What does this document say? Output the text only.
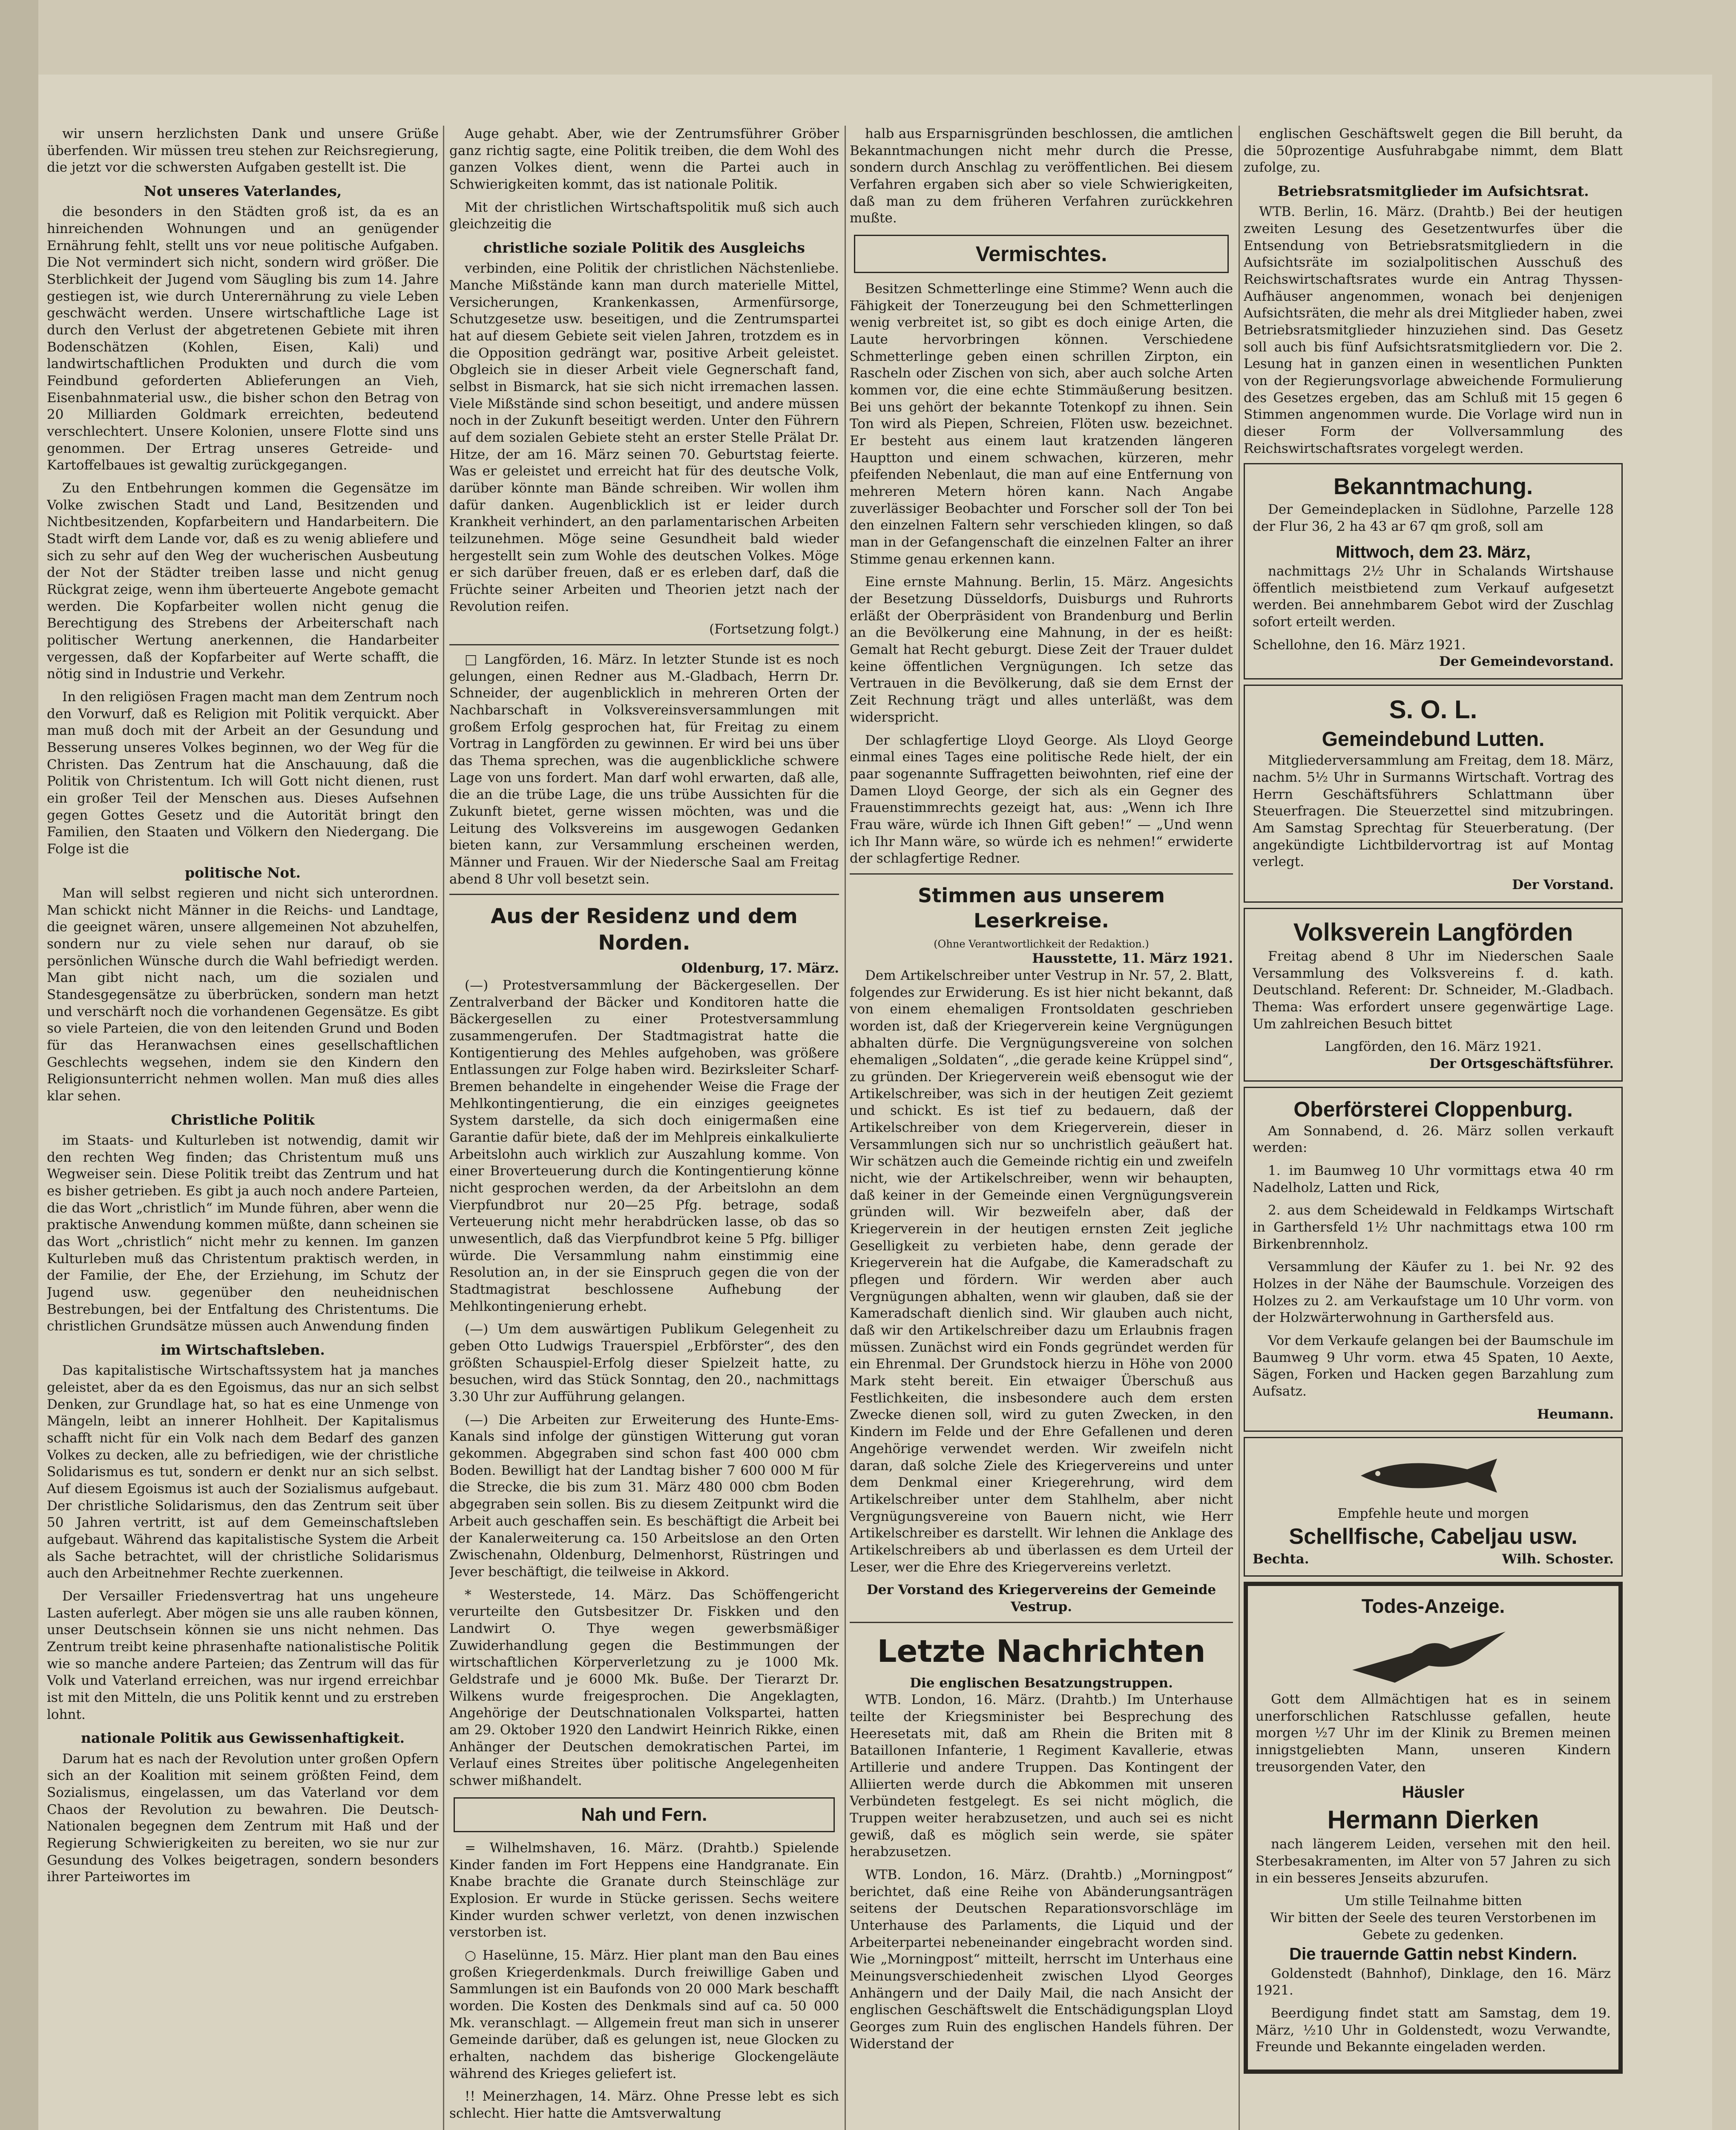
wir unsern herzlichsten Dank und unsere Grüße überfenden. Wir müssen treu stehen zur Reichsregierung, die jetzt vor die schwersten Aufgaben gestellt ist. Die

Not unseres Vaterlandes,

die besonders in den Städten groß ist, da es an hinreichenden Wohnungen und an genügender Ernährung fehlt, stellt uns vor neue politische Aufgaben. Die Not vermindert sich nicht, sondern wird größer. Die Sterblichkeit der Jugend vom Säugling bis zum 14. Jahre gestiegen ist, wie durch Unterernährung zu viele Leben geschwächt werden. Unsere wirtschaftliche Lage ist durch den Verlust der abgetretenen Gebiete mit ihren Bodenschätzen (Kohlen, Eisen, Kali) und landwirtschaftlichen Produkten und durch die vom Feindbund geforderten Ablieferungen an Vieh, Eisenbahnmaterial usw., die bisher schon den Betrag von 20 Milliarden Goldmark erreichten, bedeutend verschlechtert. Unsere Kolonien, unsere Flotte sind uns genommen. Der Ertrag unseres Getreide- und Kartoffelbaues ist gewaltig zurückgegangen.

Zu den Entbehrungen kommen die Gegensätze im Volke zwischen Stadt und Land, Besitzenden und Nichtbesitzenden, Kopfarbeitern und Handarbeitern. Die Stadt wirft dem Lande vor, daß es zu wenig abliefere und sich zu sehr auf den Weg der wucherischen Ausbeutung der Not der Städter treiben lasse und nicht genug Rückgrat zeige, wenn ihm überteuerte Angebote gemacht werden. Die Kopfarbeiter wollen nicht genug die Berechtigung des Strebens der Arbeiterschaft nach politischer Wertung anerkennen, die Handarbeiter vergessen, daß der Kopfarbeiter auf Werte schafft, die nötig sind in Industrie und Verkehr.

In den religiösen Fragen macht man dem Zentrum noch den Vorwurf, daß es Religion mit Politik verquickt. Aber man muß doch mit der Arbeit an der Gesundung und Besserung unseres Volkes beginnen, wo der Weg für die Christen. Das Zentrum hat die Anschauung, daß die Politik von Christentum. Ich will Gott nicht dienen, rust ein großer Teil der Menschen aus. Dieses Aufsehnen gegen Gottes Gesetz und die Autorität bringt den Familien, den Staaten und Völkern den Niedergang. Die Folge ist die

politische Not.

Man will selbst regieren und nicht sich unterordnen. Man schickt nicht Männer in die Reichs- und Landtage, die geeignet wären, unsere allgemeinen Not abzuhelfen, sondern nur zu viele sehen nur darauf, ob sie persönlichen Wünsche durch die Wahl befriedigt werden. Man gibt nicht nach, um die sozialen und Standesgegensätze zu überbrücken, sondern man hetzt und verschärft noch die vorhandenen Gegensätze. Es gibt so viele Parteien, die von den leitenden Grund und Boden für das Heranwachsen eines gesellschaftlichen Geschlechts wegsehen, indem sie den Kindern den Religionsunterricht nehmen wollen. Man muß dies alles klar sehen.

Christliche Politik

im Staats- und Kulturleben ist notwendig, damit wir den rechten Weg finden; das Christentum muß uns Wegweiser sein. Diese Politik treibt das Zentrum und hat es bisher getrieben. Es gibt ja auch noch andere Parteien, die das Wort „christlich“ im Munde führen, aber wenn die praktische Anwendung kommen müßte, dann scheinen sie das Wort „christlich“ nicht mehr zu kennen. Im ganzen Kulturleben muß das Christentum praktisch werden, in der Familie, der Ehe, der Erziehung, im Schutz der Jugend usw. gegenüber den neuheidnischen Bestrebungen, bei der Entfaltung des Christentums. Die christlichen Grundsätze müssen auch Anwendung finden

im Wirtschaftsleben.

Das kapitalistische Wirtschaftssystem hat ja manches geleistet, aber da es den Egoismus, das nur an sich selbst Denken, zur Grundlage hat, so hat es eine Unmenge von Mängeln, leibt an innerer Hohlheit. Der Kapitalismus schafft nicht für ein Volk nach dem Bedarf des ganzen Volkes zu decken, alle zu befriedigen, wie der christliche Solidarismus es tut, sondern er denkt nur an sich selbst. Auf diesem Egoismus ist auch der Sozialismus aufgebaut. Der christliche Solidarismus, den das Zentrum seit über 50 Jahren vertritt, ist auf dem Gemeinschaftsleben aufgebaut. Während das kapitalistische System die Arbeit als Sache betrachtet, will der christliche Solidarismus auch den Arbeitnehmer Rechte zuerkennen.

Der Versailler Friedensvertrag hat uns ungeheure Lasten auferlegt. Aber mögen sie uns alle rauben können, unser Deutschsein können sie uns nicht nehmen. Das Zentrum treibt keine phrasenhafte nationalistische Politik wie so manche andere Parteien; das Zentrum will das für Volk und Vaterland erreichen, was nur irgend erreichbar ist mit den Mitteln, die uns Politik kennt und zu erstreben lohnt.

nationale Politik aus Gewissenhaftigkeit.

Darum hat es nach der Revolution unter großen Opfern sich an der Koalition mit seinem größten Feind, dem Sozialismus, eingelassen, um das Vaterland vor dem Chaos der Revolution zu bewahren. Die Deutsch-Nationalen begegnen dem Zentrum mit Haß und der Regierung Schwierigkeiten zu bereiten, wo sie nur zur Gesundung des Volkes beigetragen, sondern besonders ihrer Parteiwortes im

Auge gehabt. Aber, wie der Zentrumsführer Gröber ganz richtig sagte, eine Politik treiben, die dem Wohl des ganzen Volkes dient, wenn die Partei auch in Schwierigkeiten kommt, das ist nationale Politik.

Mit der christlichen Wirtschaftspolitik muß sich auch gleichzeitig die

christliche soziale Politik des Ausgleichs

verbinden, eine Politik der christlichen Nächstenliebe. Manche Mißstände kann man durch materielle Mittel, Versicherungen, Krankenkassen, Armenfürsorge, Schutzgesetze usw. beseitigen, und die Zentrumspartei hat auf diesem Gebiete seit vielen Jahren, trotzdem es in die Opposition gedrängt war, positive Arbeit geleistet. Obgleich sie in dieser Arbeit viele Gegnerschaft fand, selbst in Bismarck, hat sie sich nicht irremachen lassen. Viele Mißstände sind schon beseitigt, und andere müssen noch in der Zukunft beseitigt werden. Unter den Führern auf dem sozialen Gebiete steht an erster Stelle Prälat Dr. Hitze, der am 16. März seinen 70. Geburtstag feierte. Was er geleistet und erreicht hat für des deutsche Volk, darüber könnte man Bände schreiben. Wir wollen ihm dafür danken. Augenblicklich ist er leider durch Krankheit verhindert, an den parlamentarischen Arbeiten teilzunehmen. Möge seine Gesundheit bald wieder hergestellt sein zum Wohle des deutschen Volkes. Möge er sich darüber freuen, daß er es erleben darf, daß die Früchte seiner Arbeiten und Theorien jetzt nach der Revolution reifen.

(Fortsetzung folgt.)

□ Langförden, 16. März. In letzter Stunde ist es noch gelungen, einen Redner aus M.-Gladbach, Herrn Dr. Schneider, der augenblicklich in mehreren Orten der Nachbarschaft in Volksvereinsversammlungen mit großem Erfolg gesprochen hat, für Freitag zu einem Vortrag in Langförden zu gewinnen. Er wird bei uns über das Thema sprechen, was die augenblickliche schwere Lage von uns fordert. Man darf wohl erwarten, daß alle, die an die trübe Lage, die uns trübe Aussichten für die Zukunft bietet, gerne wissen möchten, was und die Leitung des Volksvereins im ausgewogen Gedanken bieten kann, zur Versammlung erscheinen werden, Männer und Frauen. Wir der Niedersche Saal am Freitag abend 8 Uhr voll besetzt sein.

Aus der Residenz und dem Norden.
Oldenburg, 17. März.

(—) Protestversammlung der Bäckergesellen. Der Zentralverband der Bäcker und Konditoren hatte die Bäckergesellen zu einer Protestversammlung zusammengerufen. Der Stadtmagistrat hatte die Kontigentierung des Mehles aufgehoben, was größere Entlassungen zur Folge haben wird. Bezirksleiter Scharf-Bremen behandelte in eingehender Weise die Frage der Mehlkontingentierung, die ein einziges geeignetes System darstelle, da sich doch einigermaßen eine Garantie dafür biete, daß der im Mehlpreis einkalkulierte Arbeitslohn auch wirklich zur Auszahlung komme. Von einer Broverteuerung durch die Kontingentierung könne nicht gesprochen werden, da der Arbeitslohn an dem Vierpfundbrot nur 20—25 Pfg. betrage, sodaß Verteuerung nicht mehr herabdrücken lasse, ob das so unwesentlich, daß das Vierpfundbrot keine 5 Pfg. billiger würde. Die Versammlung nahm einstimmig eine Resolution an, in der sie Einspruch gegen die von der Stadtmagistrat beschlossene Aufhebung der Mehlkontingenierung erhebt.

(—) Um dem auswärtigen Publikum Gelegenheit zu geben Otto Ludwigs Trauerspiel „Erbförster“, des den größten Schauspiel-Erfolg dieser Spielzeit hatte, zu besuchen, wird das Stück Sonntag, den 20., nachmittags 3.30 Uhr zur Aufführung gelangen.

(—) Die Arbeiten zur Erweiterung des Hunte-Ems-Kanals sind infolge der günstigen Witterung gut voran gekommen. Abgegraben sind schon fast 400 000 cbm Boden. Bewilligt hat der Landtag bisher 7 600 000 M für die Strecke, die bis zum 31. März 480 000 cbm Boden abgegraben sein sollen. Bis zu diesem Zeitpunkt wird die Arbeit auch geschaffen sein. Es beschäftigt die Arbeit bei der Kanalerweiterung ca. 150 Arbeitslose an den Orten Zwischenahn, Oldenburg, Delmenhorst, Rüstringen und Jever beschäftigt, die teilweise in Akkord.

* Westerstede, 14. März. Das Schöffengericht verurteilte den Gutsbesitzer Dr. Fiskken und den Landwirt O. Thye wegen gewerbsmäßiger Zuwiderhandlung gegen die Bestimmungen der wirtschaftlichen Körperverletzung zu je 1000 Mk. Geldstrafe und je 6000 Mk. Buße. Der Tierarzt Dr. Wilkens wurde freigesprochen. Die Angeklagten, Angehörige der Deutschnationalen Volkspartei, hatten am 29. Oktober 1920 den Landwirt Heinrich Rikke, einen Anhänger der Deutschen demokratischen Partei, im Verlauf eines Streites über politische Angelegenheiten schwer mißhandelt.

Nah und Fern.

= Wilhelmshaven, 16. März. (Drahtb.) Spielende Kinder fanden im Fort Heppens eine Handgranate. Ein Knabe brachte die Granate durch Steinschläge zur Explosion. Er wurde in Stücke gerissen. Sechs weitere Kinder wurden schwer verletzt, von denen inzwischen verstorben ist.

○ Haselünne, 15. März. Hier plant man den Bau eines großen Kriegerdenkmals. Durch freiwillige Gaben und Sammlungen ist ein Baufonds von 20 000 Mark beschafft worden. Die Kosten des Denkmals sind auf ca. 50 000 Mk. veranschlagt. — Allgemein freut man sich in unserer Gemeinde darüber, daß es gelungen ist, neue Glocken zu erhalten, nachdem das bisherige Glockengeläute während des Krieges geliefert ist.

!! Meinerzhagen, 14. März. Ohne Presse lebt es sich schlecht. Hier hatte die Amtsverwaltung

halb aus Ersparnisgründen beschlossen, die amtlichen Bekanntmachungen nicht mehr durch die Presse, sondern durch Anschlag zu veröffentlichen. Bei diesem Verfahren ergaben sich aber so viele Schwierigkeiten, daß man zu dem früheren Verfahren zurückkehren mußte.

Vermischtes.

Besitzen Schmetterlinge eine Stimme? Wenn auch die Fähigkeit der Tonerzeugung bei den Schmetterlingen wenig verbreitet ist, so gibt es doch einige Arten, die Laute hervorbringen können. Verschiedene Schmetterlinge geben einen schrillen Zirpton, ein Rascheln oder Zischen von sich, aber auch solche Arten kommen vor, die eine echte Stimmäußerung besitzen. Bei uns gehört der bekannte Totenkopf zu ihnen. Sein Ton wird als Piepen, Schreien, Flöten usw. bezeichnet. Er besteht aus einem laut kratzenden längeren Hauptton und einem schwachen, kürzeren, mehr pfeifenden Nebenlaut, die man auf eine Entfernung von mehreren Metern hören kann. Nach Angabe zuverlässiger Beobachter und Forscher soll der Ton bei den einzelnen Faltern sehr verschieden klingen, so daß man in der Gefangenschaft die einzelnen Falter an ihrer Stimme genau erkennen kann.

Eine ernste Mahnung. Berlin, 15. März. Angesichts der Besetzung Düsseldorfs, Duisburgs und Ruhrorts erläßt der Oberpräsident von Brandenburg und Berlin an die Bevölkerung eine Mahnung, in der es heißt: Gemalt hat Recht geburgt. Diese Zeit der Trauer duldet keine öffentlichen Vergnügungen. Ich setze das Vertrauen in die Bevölkerung, daß sie dem Ernst der Zeit Rechnung trägt und alles unterläßt, was dem widerspricht.

Der schlagfertige Lloyd George. Als Lloyd George einmal eines Tages eine politische Rede hielt, der ein paar sogenannte Suffragetten beiwohnten, rief eine der Damen Lloyd George, der sich als ein Gegner des Frauenstimmrechts gezeigt hat, aus: „Wenn ich Ihre Frau wäre, würde ich Ihnen Gift geben!“ — „Und wenn ich Ihr Mann wäre, so würde ich es nehmen!“ erwiderte der schlagfertige Redner.

Stimmen aus unserem Leserkreise.
(Ohne Verantwortlichkeit der Redaktion.)
Hausstette, 11. März 1921.

Dem Artikelschreiber unter Vestrup in Nr. 57, 2. Blatt, folgendes zur Erwiderung. Es ist hier nicht bekannt, daß von einem ehemaligen Frontsoldaten geschrieben worden ist, daß der Kriegerverein keine Vergnügungen abhalten dürfe. Die Vergnügungsvereine von solchen ehemaligen „Soldaten“, „die gerade keine Krüppel sind“, zu gründen. Der Kriegerverein weiß ebensogut wie der Artikelschreiber, was sich in der heutigen Zeit geziemt und schickt. Es ist tief zu bedauern, daß der Artikelschreiber von dem Kriegerverein, dieser in Versammlungen sich nur so unchristlich geäußert hat. Wir schätzen auch die Gemeinde richtig ein und zweifeln nicht, wie der Artikelschreiber, wenn wir behaupten, daß keiner in der Gemeinde einen Vergnügungsverein gründen will. Wir bezweifeln aber, daß der Kriegerverein in der heutigen ernsten Zeit jegliche Geselligkeit zu verbieten habe, denn gerade der Kriegerverein hat die Aufgabe, die Kameradschaft zu pflegen und fördern. Wir werden aber auch Vergnügungen abhalten, wenn wir glauben, daß sie der Kameradschaft dienlich sind. Wir glauben auch nicht, daß wir den Artikelschreiber dazu um Erlaubnis fragen müssen. Zunächst wird ein Fonds gegründet werden für ein Ehrenmal. Der Grundstock hierzu in Höhe von 2000 Mark steht bereit. Ein etwaiger Überschuß aus Festlichkeiten, die insbesondere auch dem ersten Zwecke dienen soll, wird zu guten Zwecken, in den Kindern im Felde und der Ehre Gefallenen und deren Angehörige verwendet werden. Wir zweifeln nicht daran, daß solche Ziele des Kriegervereins und unter dem Denkmal einer Kriegerehrung, wird dem Artikelschreiber unter dem Stahlhelm, aber nicht Vergnügungsvereine von Bauern nicht, wie Herr Artikelschreiber es darstellt. Wir lehnen die Anklage des Artikelschreibers ab und überlassen es dem Urteil der Leser, wer die Ehre des Kriegervereins verletzt.

Der Vorstand des Kriegervereins der Gemeinde Vestrup.
Letzte Nachrichten
Die englischen Besatzungstruppen.

WTB. London, 16. März. (Drahtb.) Im Unterhause teilte der Kriegsminister bei Besprechung des Heeresetats mit, daß am Rhein die Briten mit 8 Bataillonen Infanterie, 1 Regiment Kavallerie, etwas Artillerie und andere Truppen. Das Kontingent der Alliierten werde durch die Abkommen mit unseren Verbündeten festgelegt. Es sei nicht möglich, die Truppen weiter herabzusetzen, und auch sei es nicht gewiß, daß es möglich sein werde, sie später herabzusetzen.

WTB. London, 16. März. (Drahtb.) „Morningpost“ berichtet, daß eine Reihe von Abänderungsanträgen seitens der Deutschen Reparationsvorschläge im Unterhause des Parlaments, die Liquid und der Arbeiterpartei nebeneinander eingebracht worden sind. Wie „Morningpost“ mitteilt, herrscht im Unterhaus eine Meinungsverschiedenheit zwischen Llyod Georges Anhängern und der Daily Mail, die nach Ansicht der englischen Geschäftswelt die Entschädigungsplan Lloyd Georges zum Ruin des englischen Handels führen. Der Widerstand der

englischen Geschäftswelt gegen die Bill beruht, da die 50prozentige Ausfuhrabgabe nimmt, dem Blatt zufolge, zu.

Betriebsratsmitglieder im Aufsichtsrat.

WTB. Berlin, 16. März. (Drahtb.) Bei der heutigen zweiten Lesung des Gesetzentwurfes über die Entsendung von Betriebsratsmitgliedern in die Aufsichtsräte im sozialpolitischen Ausschuß des Reichswirtschaftsrates wurde ein Antrag Thyssen-Aufhäuser angenommen, wonach bei denjenigen Aufsichtsräten, die mehr als drei Mitglieder haben, zwei Betriebsratsmitglieder hinzuziehen sind. Das Gesetz soll auch bis fünf Aufsichtsratsmitgliedern vor. Die 2. Lesung hat in ganzen einen in wesentlichen Punkten von der Regierungsvorlage abweichende Formulierung des Gesetzes ergeben, das am Schluß mit 15 gegen 6 Stimmen angenommen wurde. Die Vorlage wird nun in dieser Form der Vollversammlung des Reichswirtschaftsrates vorgelegt werden.

Bekanntmachung.

Der Gemeindeplacken in Südlohne, Parzelle 128 der Flur 36, 2 ha 43 ar 67 qm groß, soll am

Mittwoch, dem 23. März,

nachmittags 2½ Uhr in Schalands Wirtshause öffentlich meistbietend zum Verkauf aufgesetzt werden. Bei annehmbarem Gebot wird der Zuschlag sofort erteilt werden.

Schellohne, den 16. März 1921.
Der Gemeindevorstand.
S. O. L.
Gemeindebund Lutten.

Mitgliederversammlung am Freitag, dem 18. März, nachm. 5½ Uhr in Surmanns Wirtschaft. Vortrag des Herrn Geschäftsführers Schlattmann über Steuerfragen. Die Steuerzettel sind mitzubringen. Am Samstag Sprechtag für Steuerberatung. (Der angekündigte Lichtbildervortrag ist auf Montag verlegt.

Der Vorstand.
Volksverein Langförden

Freitag abend 8 Uhr im Niederschen Saale Versammlung des Volksvereins f. d. kath. Deutschland. Referent: Dr. Schneider, M.-Gladbach. Thema: Was erfordert unsere gegenwärtige Lage. Um zahlreichen Besuch bittet

Langförden, den 16. März 1921.
Der Ortsgeschäftsführer.
Oberförsterei Cloppenburg.

Am Sonnabend, d. 26. März sollen verkauft werden:

1. im Baumweg 10 Uhr vormittags etwa 40 rm Nadelholz, Latten und Rick,

2. aus dem Scheidewald in Feldkamps Wirtschaft in Garthersfeld 1½ Uhr nachmittags etwa 100 rm Birkenbrennholz.

Versammlung der Käufer zu 1. bei Nr. 92 des Holzes in der Nähe der Baumschule. Vorzeigen des Holzes zu 2. am Verkaufstage um 10 Uhr vorm. von der Holzwärterwohnung in Garthersfeld aus.

Vor dem Verkaufe gelangen bei der Baumschule im Baumweg 9 Uhr vorm. etwa 45 Spaten, 10 Aexte, Sägen, Forken und Hacken gegen Barzahlung zum Aufsatz.

Heumann.
Empfehle heute und morgen
Schellfische, Cabeljau usw.
Bechta.	Wilh. Schoster.
Todes-Anzeige.

Gott dem Allmächtigen hat es in seinem unerforschlichen Ratschlusse gefallen, heute morgen ½7 Uhr im der Klinik zu Bremen meinen innigstgeliebten Mann, unseren Kindern treusorgenden Vater, den

Häusler
Hermann Dierken

nach längerem Leiden, versehen mit den heil. Sterbesakramenten, im Alter von 57 Jahren zu sich in ein besseres Jenseits abzurufen.

Um stille Teilnahme bitten
Wir bitten der Seele des teuren Verstorbenen im Gebete zu gedenken.
Die trauernde Gattin nebst Kindern.

Goldenstedt (Bahnhof), Dinklage, den 16. März 1921.

Beerdigung findet statt am Samstag, dem 19. März, ½10 Uhr in Goldenstedt, wozu Verwandte, Freunde und Bekannte eingeladen werden.
